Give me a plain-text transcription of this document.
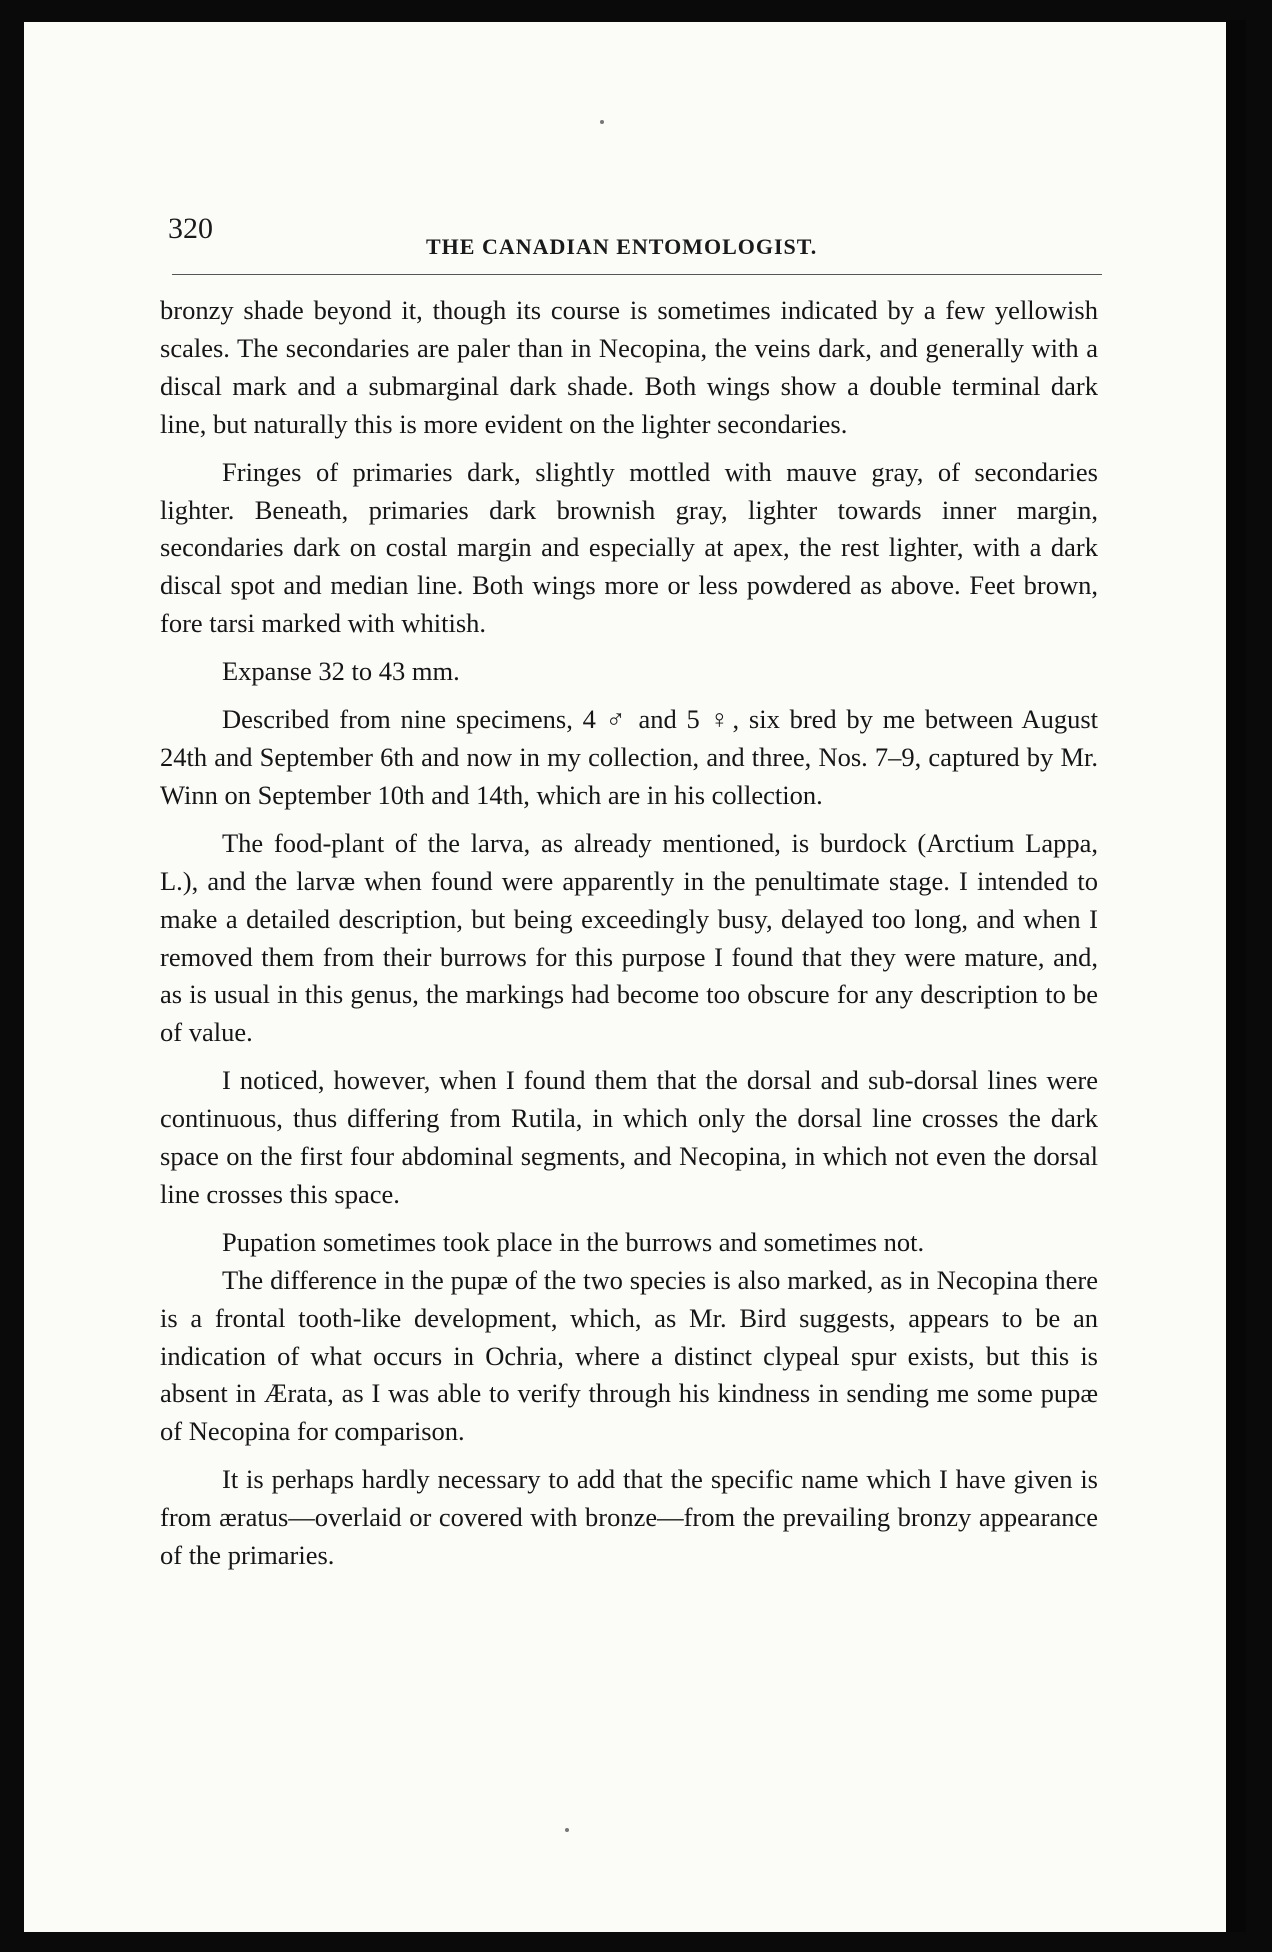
320
THE CANADIAN ENTOMOLOGIST.

bronzy shade beyond it, though its course is sometimes indicated by a few yellowish scales. The secondaries are paler than in Necopina, the veins dark, and generally with a discal mark and a submarginal dark shade. Both wings show a double terminal dark line, but naturally this is more evident on the lighter secondaries.

Fringes of primaries dark, slightly mottled with mauve gray, of secondaries lighter. Beneath, primaries dark brownish gray, lighter towards inner margin, secondaries dark on costal margin and especially at apex, the rest lighter, with a dark discal spot and median line. Both wings more or less powdered as above. Feet brown, fore tarsi marked with whitish.

Expanse 32 to 43 mm.

Described from nine specimens, 4 ♂ and 5 ♀, six bred by me between August 24th and September 6th and now in my collection, and three, Nos. 7–9, captured by Mr. Winn on September 10th and 14th, which are in his collection.

The food-plant of the larva, as already mentioned, is burdock (Arctium Lappa, L.), and the larvæ when found were apparently in the penultimate stage. I intended to make a detailed description, but being exceedingly busy, delayed too long, and when I removed them from their burrows for this purpose I found that they were mature, and, as is usual in this genus, the markings had become too obscure for any description to be of value.

I noticed, however, when I found them that the dorsal and sub-dorsal lines were continuous, thus differing from Rutila, in which only the dorsal line crosses the dark space on the first four abdominal segments, and Necopina, in which not even the dorsal line crosses this space.

Pupation sometimes took place in the burrows and sometimes not.

The difference in the pupæ of the two species is also marked, as in Necopina there is a frontal tooth-like development, which, as Mr. Bird suggests, appears to be an indication of what occurs in Ochria, where a distinct clypeal spur exists, but this is absent in Ærata, as I was able to verify through his kindness in sending me some pupæ of Necopina for comparison.

It is perhaps hardly necessary to add that the specific name which I have given is from æratus—overlaid or covered with bronze—from the prevailing bronzy appearance of the primaries.
